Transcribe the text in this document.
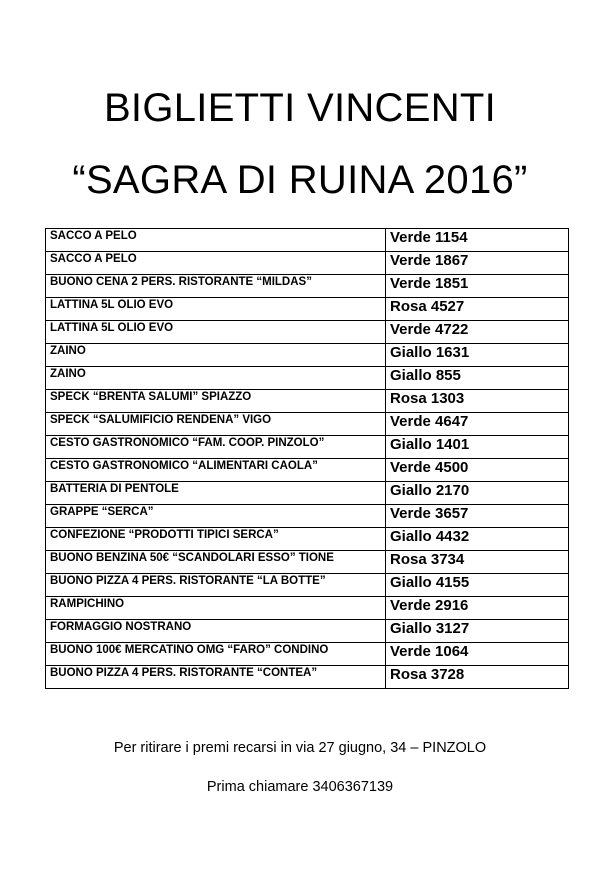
BIGLIETTI VINCENTI
“SAGRA DI RUINA 2016”
SACCO A PELO	Verde 1154
SACCO A PELO	Verde 1867
BUONO CENA 2 PERS. RISTORANTE “MILDAS”	Verde 1851
LATTINA 5L OLIO EVO	Rosa 4527
LATTINA 5L OLIO EVO	Verde 4722
ZAINO	Giallo 1631
ZAINO	Giallo 855
SPECK “BRENTA SALUMI” SPIAZZO	Rosa 1303
SPECK “SALUMIFICIO RENDENA” VIGO	Verde 4647
CESTO GASTRONOMICO “FAM. COOP. PINZOLO”	Giallo 1401
CESTO GASTRONOMICO “ALIMENTARI CAOLA”	Verde 4500
BATTERIA DI PENTOLE	Giallo 2170
GRAPPE “SERCA”	Verde 3657
CONFEZIONE “PRODOTTI TIPICI SERCA”	Giallo 4432
BUONO BENZINA 50€ “SCANDOLARI ESSO” TIONE	Rosa 3734
BUONO PIZZA 4 PERS. RISTORANTE “LA BOTTE”	Giallo 4155
RAMPICHINO	Verde 2916
FORMAGGIO NOSTRANO	Giallo 3127
BUONO 100€ MERCATINO OMG “FARO” CONDINO	Verde 1064
BUONO PIZZA 4 PERS. RISTORANTE “CONTEA”	Rosa 3728

Per ritirare i premi recarsi in via 27 giugno, 34 – PINZOLO

Prima chiamare 3406367139
